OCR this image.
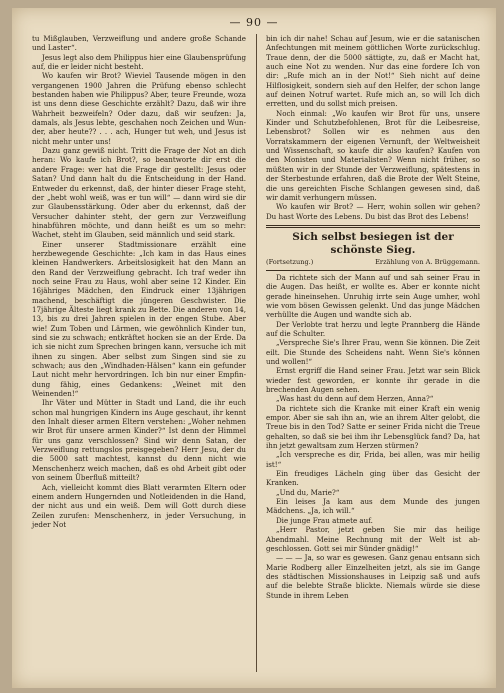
— 90 —

tu Mißglauben, Verzweiflung und andere große Schande und Laster“.

Jesus legt also dem Philippus hier eine Glaubensprüfung auf, die er leider nicht besteht.

Wo kaufen wir Brot? Wieviel Tausende mögen in den vergangenen 1900 Jahren die Prüfung ebenso schlecht bestanden haben wie Philippus? Aber, teure Freunde, woza ist uns denn diese Geschichte erzählt? Dazu, daß wir ihre Wahrheit bezweifeln? Oder dazu, daß wir seufzen: Ja, damals, als Jesus lebte, geschahen noch Zeichen und Wunder, aber heute?? . . . ach, Hunger tut weh, und Jesus ist nicht mehr unter uns!

Dazu ganz gewiß nicht. Tritt die Frage der Not an dich heran: Wo kaufe ich Brot?, so beantworte dir erst die andere Frage: wer hat die Frage dir gestellt: Jesus oder Satan? Und dann halt du die Entscheidung in der Hand. Entweder du erkennst, daß, der hinter dieser Frage steht, der „hebt wohl weiß, was er tun will“ — dann wird sie dir zur Glaubensstärkung. Oder aber du erkennst, daß der Versucher dahinter steht, der gern zur Verzweiflung hinabführen möchte, und dann heißt es um so mehr: Wachet, steht im Glauben, seid männlich und seid stark.

Einer unserer Stadtmissionare erzählt eine herzbewegende Geschichte: „Ich kam in das Haus eines kleinen Handwerkers. Arbeitslosigkeit hat den Mann an den Rand der Verzweiflung gebracht. Ich traf weder ihn noch seine Frau zu Haus, wohl aber seine 12 Kinder. Ein 16jähriges Mädchen, den Eindruck einer 13jährigen machend, beschäftigt die jüngeren Geschwister. Die 17jährige Älteste liegt krank zu Bette. Die anderen von 14, 13, bis zu drei Jahren spielen in der engen Stube. Aber wie! Zum Toben und Lärmen, wie gewöhnlich Kinder tun, sind sie zu schwach; entkräftet hocken sie an der Erde. Da ich sie nicht zum Sprechen bringen kann, versuche ich mit ihnen zu singen. Aber selbst zum Singen sind sie zu schwach; aus den „Windhaden-Hälsen“ kann ein gefunder Laut nicht mehr hervordringen. Ich bin nur einer Empfindung fähig, eines Gedankens: „Weinet mit den Weinenden!“

Ihr Väter und Mütter in Stadt und Land, die ihr euch schon mal hungrigen Kindern ins Auge geschaut, ihr kennt den Inhalt dieser armen Eltern verstehen: „Woher nehmen wir Brot für unsere armen Kinder?“ Ist denn der Himmel für uns ganz verschlossen? Sind wir denn Satan, der Verzweiflung rettungslos preisgegeben? Herr Jesu, der du die 5000 satt machtest, kannst du denn nicht wie Menschenherz weich machen, daß es ohd Arbeit gibt oder von seinem Überfluß mitteilt?

Ach, vielleicht kommt dies Blatt verarmten Eltern oder einem andern Hungernden und Notleidenden in die Hand, der nicht aus und ein weiß. Dem will Gott durch diese Zeilen zurufen: Menschenherz, in jeder Versuchung, in jeder Not

bin ich dir nahe! Schau auf Jesum, wie er die satanischen Anfechtungen mit meinem göttlichen Worte zurückschlug. Traue denn, der die 5000 sättigte, zu, daß er Macht hat, auch eine Not zu wenden. Nur das eine fordere Ich von dir: „Rufe mich an in der Not!“ Sieh nicht auf deine Hilflosigkeit, sondern sieh auf den Helfer, der schon lange auf deinen Notruf wartet. Rufe mich an, so will Ich dich erretten, und du sollst mich preisen.

Noch einmal: „Wo kaufen wir Brot für uns, unsere Kinder und Schutzbefohlenen, Brot für die Leibesreise, Lebensbrot? Sollen wir es nehmen aus den Vorratskammern der eigenen Vernunft, der Weltweisheit und Wissenschaft, so kaufe dir also kaufen? Kaufen von den Monisten und Materialisten? Wenn nicht früher, so müßten wir in der Stunde der Verzweiflung, spätestens in der Sterbestunde erfahren, daß die Brote der Welt Steine, die uns gereichten Fische Schlangen gewesen sind, daß wir damit verhungern müssen.

Wo kaufen wir Brot? — Herr, wohin sollen wir gehen? Du hast Worte des Lebens. Du bist das Brot des Lebens!

Sich selbst besiegen ist der schönste Sieg.
(Fortsetzung.)	Erzählung von A. Brüggemann.

Da richtete sich der Mann auf und sah seiner Frau in die Augen. Das heißt, er wollte es. Aber er konnte nicht gerade hineinsehen. Unruhig irrte sein Auge umher, wohl wie vom bösen Gewissen gelenkt. Und das junge Mädchen verhüllte die Augen und wandte sich ab.

Der Verlobte trat herzu und legte Prannberg die Hände auf die Schulter.

„Verspreche Sie's Ihrer Frau, wenn Sie können. Die Zeit eilt. Die Stunde des Scheidens naht. Wenn Sie's können und wollen!“

Ernst ergriff die Hand seiner Frau. Jetzt war sein Blick wieder fest geworden, er konnte ihr gerade in die brechenden Augen sehen.

„Was hast du denn auf dem Herzen, Anna?“

Da richtete sich die Kranke mit einer Kraft ein wenig empor. Aber sie sah ihn an, wie an ihrem Alter gelobt, die Treue bis in den Tod? Satte er seiner Frida nicht die Treue gehalten, so daß sie bei ihm ihr Lebensglück fand? Da, hat ihn jetzt gewaltsam zum Herzen stürmen?

„Ich verspreche es dir, Frida, bei allen, was mir heilig ist!“

Ein freudiges Lächeln ging über das Gesicht der Kranken.

„Und du, Marie?“

Ein leises Ja kam aus dem Munde des jungen Mädchens. „Ja, ich will.“

Die junge Frau atmete auf.

„Herr Pastor, jetzt geben Sie mir das heilige Abendmahl. Meine Rechnung mit der Welt ist abgeschlossen. Gott sei mir Sünder gnädig!“

— — — Ja, so war es gewesen. Ganz genau entsann sich Marie Rodberg aller Einzelheiten jetzt, als sie im Gange des städtischen Missionshauses in Leipzig saß und aufs auf die belebte Straße blickte. Niemals würde sie diese Stunde in ihrem Leben
